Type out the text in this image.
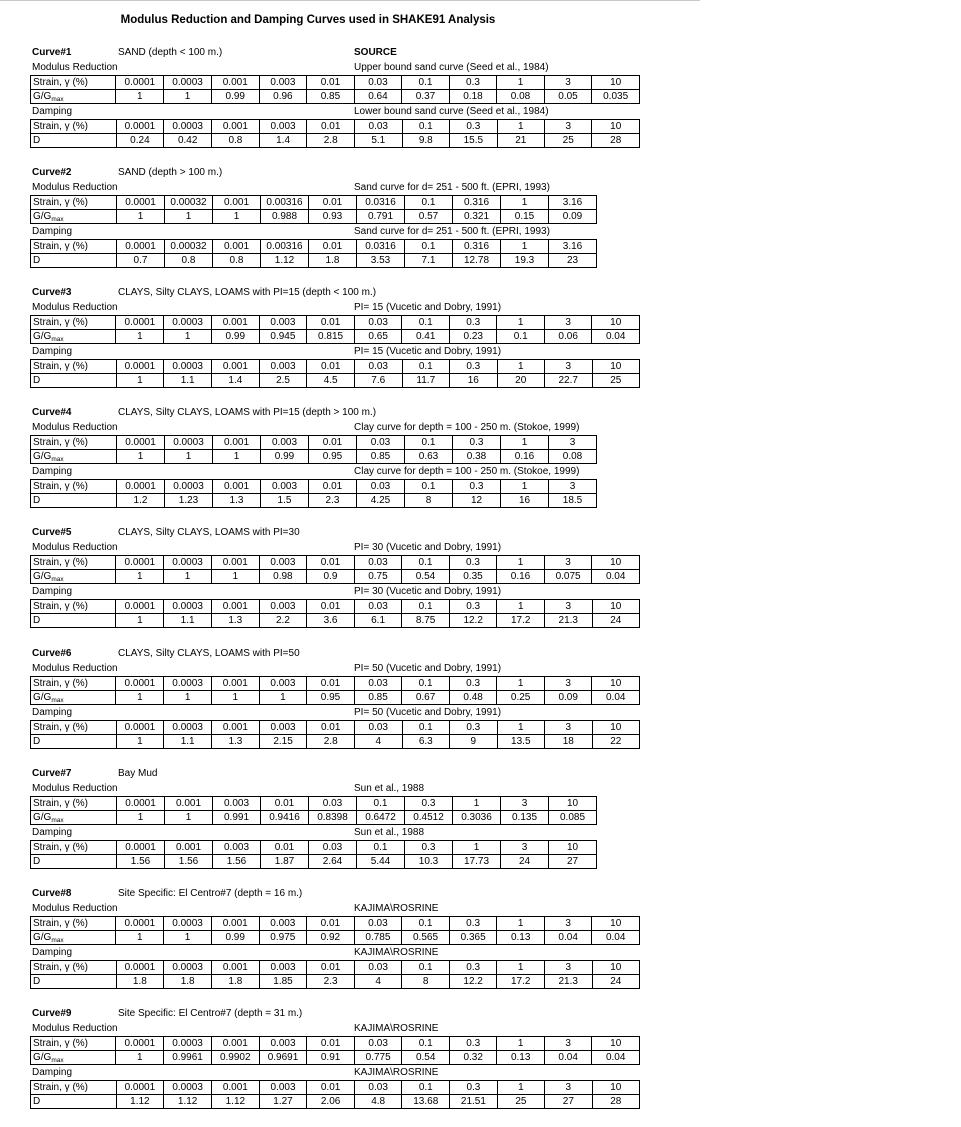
Modulus Reduction and Damping Curves used in SHAKE91 Analysis
Curve#1	SAND (depth < 100 m.)	SOURCE
Modulus Reduction	Upper bound sand curve (Seed et al., 1984)
Strain, γ (%)	0.0001	0.0003	0.001	0.003	0.01	0.03	0.1	0.3	1	3	10
$G/G_{max}$	1	1	0.99	0.96	0.85	0.64	0.37	0.18	0.08	0.05	0.035
Damping	Lower bound sand curve (Seed et al., 1984)
Strain, γ (%)	0.0001	0.0003	0.001	0.003	0.01	0.03	0.1	0.3	1	3	10
D	0.24	0.42	0.8	1.4	2.8	5.1	9.8	15.5	21	25	28
Curve#2	SAND (depth > 100 m.)
Modulus Reduction	Sand curve for d= 251 - 500 ft. (EPRI, 1993)
Strain, γ (%)	0.0001	0.00032	0.001	0.00316	0.01	0.0316	0.1	0.316	1	3.16
$G/G_{max}$	1	1	1	0.988	0.93	0.791	0.57	0.321	0.15	0.09
Damping	Sand curve for d= 251 - 500 ft. (EPRI, 1993)
Strain, γ (%)	0.0001	0.00032	0.001	0.00316	0.01	0.0316	0.1	0.316	1	3.16
D	0.7	0.8	0.8	1.12	1.8	3.53	7.1	12.78	19.3	23
Curve#3	CLAYS, Silty CLAYS, LOAMS with PI=15 (depth < 100 m.)
Modulus Reduction	PI= 15 (Vucetic and Dobry, 1991)
Strain, γ (%)	0.0001	0.0003	0.001	0.003	0.01	0.03	0.1	0.3	1	3	10
$G/G_{max}$	1	1	0.99	0.945	0.815	0.65	0.41	0.23	0.1	0.06	0.04
Damping	PI= 15 (Vucetic and Dobry, 1991)
Strain, γ (%)	0.0001	0.0003	0.001	0.003	0.01	0.03	0.1	0.3	1	3	10
D	1	1.1	1.4	2.5	4.5	7.6	11.7	16	20	22.7	25
Curve#4	CLAYS, Silty CLAYS, LOAMS with PI=15 (depth > 100 m.)
Modulus Reduction	Clay curve for depth = 100 - 250 m. (Stokoe, 1999)
Strain, γ (%)	0.0001	0.0003	0.001	0.003	0.01	0.03	0.1	0.3	1	3
$G/G_{max}$	1	1	1	0.99	0.95	0.85	0.63	0.38	0.16	0.08
Damping	Clay curve for depth = 100 - 250 m. (Stokoe, 1999)
Strain, γ (%)	0.0001	0.0003	0.001	0.003	0.01	0.03	0.1	0.3	1	3
D	1.2	1.23	1.3	1.5	2.3	4.25	8	12	16	18.5
Curve#5	CLAYS, Silty CLAYS, LOAMS with PI=30
Modulus Reduction	PI= 30 (Vucetic and Dobry, 1991)
Strain, γ (%)	0.0001	0.0003	0.001	0.003	0.01	0.03	0.1	0.3	1	3	10
$G/G_{max}$	1	1	1	0.98	0.9	0.75	0.54	0.35	0.16	0.075	0.04
Damping	PI= 30 (Vucetic and Dobry, 1991)
Strain, γ (%)	0.0001	0.0003	0.001	0.003	0.01	0.03	0.1	0.3	1	3	10
D	1	1.1	1.3	2.2	3.6	6.1	8.75	12.2	17.2	21.3	24
Curve#6	CLAYS, Silty CLAYS, LOAMS with PI=50
Modulus Reduction	PI= 50 (Vucetic and Dobry, 1991)
Strain, γ (%)	0.0001	0.0003	0.001	0.003	0.01	0.03	0.1	0.3	1	3	10
$G/G_{max}$	1	1	1	1	0.95	0.85	0.67	0.48	0.25	0.09	0.04
Damping	PI= 50 (Vucetic and Dobry, 1991)
Strain, γ (%)	0.0001	0.0003	0.001	0.003	0.01	0.03	0.1	0.3	1	3	10
D	1	1.1	1.3	2.15	2.8	4	6.3	9	13.5	18	22
Curve#7	Bay Mud
Modulus Reduction	Sun et al., 1988
Strain, γ (%)	0.0001	0.001	0.003	0.01	0.03	0.1	0.3	1	3	10
$G/G_{max}$	1	1	0.991	0.9416	0.8398	0.6472	0.4512	0.3036	0.135	0.085
Damping	Sun et al., 1988
Strain, γ (%)	0.0001	0.001	0.003	0.01	0.03	0.1	0.3	1	3	10
D	1.56	1.56	1.56	1.87	2.64	5.44	10.3	17.73	24	27
Curve#8	Site Specific: El Centro#7 (depth = 16 m.)
Modulus Reduction	KAJIMA\ROSRINE
Strain, γ (%)	0.0001	0.0003	0.001	0.003	0.01	0.03	0.1	0.3	1	3	10
$G/G_{max}$	1	1	0.99	0.975	0.92	0.785	0.565	0.365	0.13	0.04	0.04
Damping	KAJIMA\ROSRINE
Strain, γ (%)	0.0001	0.0003	0.001	0.003	0.01	0.03	0.1	0.3	1	3	10
D	1.8	1.8	1.8	1.85	2.3	4	8	12.2	17.2	21.3	24
Curve#9	Site Specific: El Centro#7 (depth = 31 m.)
Modulus Reduction	KAJIMA\ROSRINE
Strain, γ (%)	0.0001	0.0003	0.001	0.003	0.01	0.03	0.1	0.3	1	3	10
$G/G_{max}$	1	0.9961	0.9902	0.9691	0.91	0.775	0.54	0.32	0.13	0.04	0.04
Damping	KAJIMA\ROSRINE
Strain, γ (%)	0.0001	0.0003	0.001	0.003	0.01	0.03	0.1	0.3	1	3	10
D	1.12	1.12	1.12	1.27	2.06	4.8	13.68	21.51	25	27	28
